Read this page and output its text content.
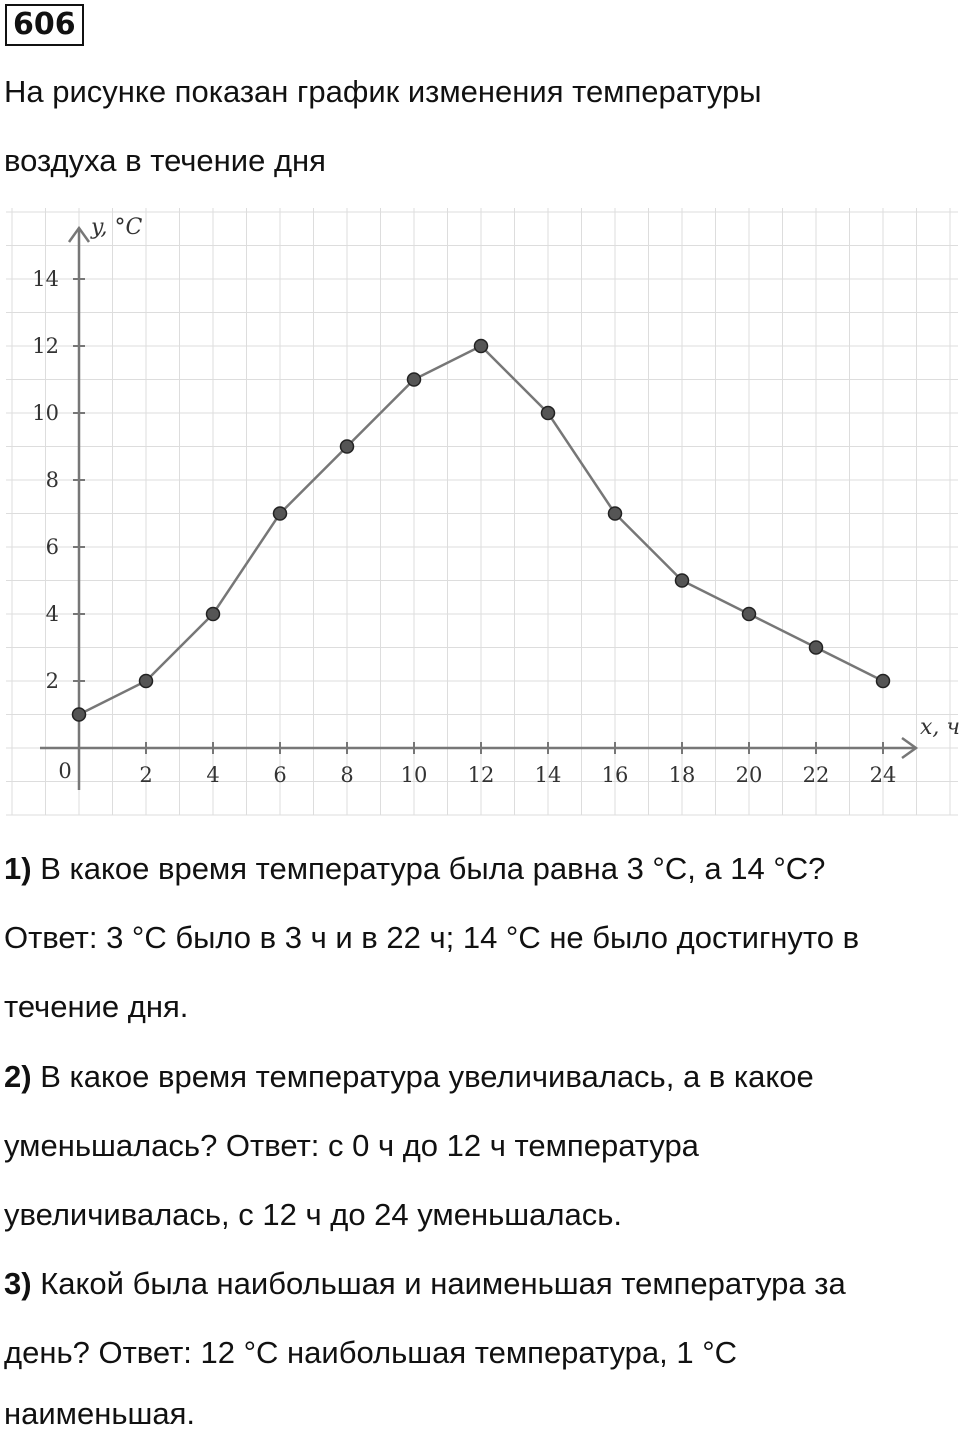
606
На рисунке показан график изменения температуры
воздуха в течение дня
2	4	6	8 10 12 14 16 18 20 22 24
2
4
6
8
10
12
14
0
y, °C
x, ч
1) В какое время температура была равна 3 °С, а 14 °С?
Ответ: 3 °С было в 3 ч и в 22 ч; 14 °С не было достигнуто в
течение дня.
2) В какое время температура увеличивалась, а в какое
уменьшалась? Ответ: с 0 ч до 12 ч температура
увеличивалась, с 12 ч до 24 уменьшалась.
3) Какой была наибольшая и наименьшая температура за
день? Ответ: 12 °С наибольшая температура, 1 °С
наименьшая.
